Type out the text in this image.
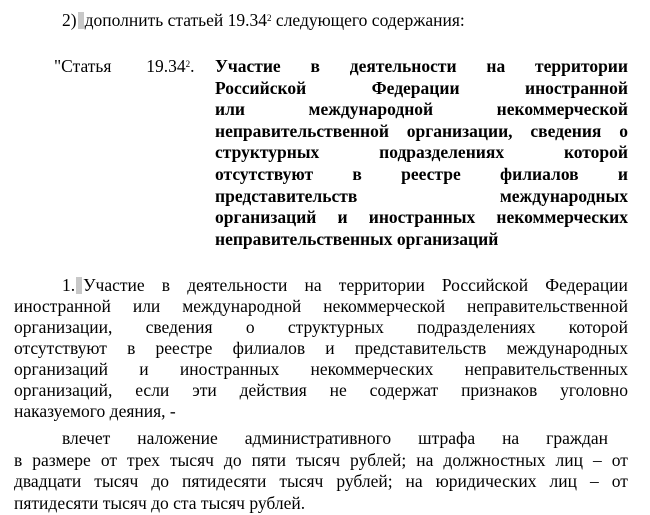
2) дополнить статьей 19.34$^2$ следующего содержания:
"Статья 19.34$^2$. Участие в деятельности на территории
Российской	Федерации	иностранной
или	международной	некоммерческой
неправительственной организации, сведения о
структурных	подразделениях	которой
отсутствуют в реестре филиалов и
представительств	международных
организаций и иностранных некоммерческих
неправительственных организаций
1. Участие в деятельности на территории Российской Федерации
иностранной или международной некоммерческой неправительственной
организации, сведения о структурных подразделениях которой
отсутствуют в реестре филиалов и представительств международных
организаций и иностранных некоммерческих неправительственных
организаций, если эти действия не содержат признаков уголовно
наказуемого деяния, -
влечет наложение административного штрафа на граждан
в размере от трех тысяч до пяти тысяч рублей; на должностных лиц – от
двадцати тысяч до пятидесяти тысяч рублей; на юридических лиц – от
пятидесяти тысяч до ста тысяч рублей.
